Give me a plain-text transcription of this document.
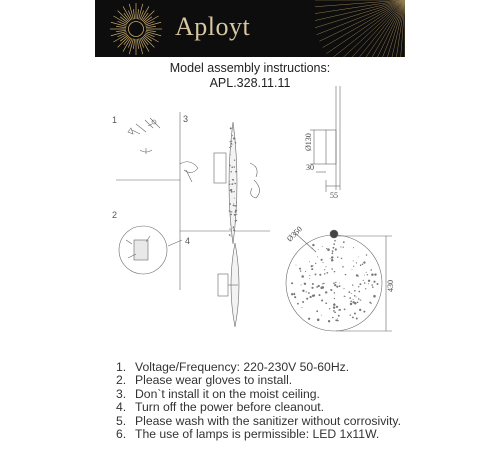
Aployt
Model assembly instructions:
APL.328.11.11
Ø130
30
55
Ø350
430
1
2
3
4
1. Voltage/Frequency: 220-230V 50-60Hz.
2. Please wear gloves to install.
3. Don`t install it on the moist ceiling.
4. Turn off the power before cleanout.
5. Please wash with the sanitizer without corrosivity.
6. The use of lamps is permissible: LED 1x11W.
